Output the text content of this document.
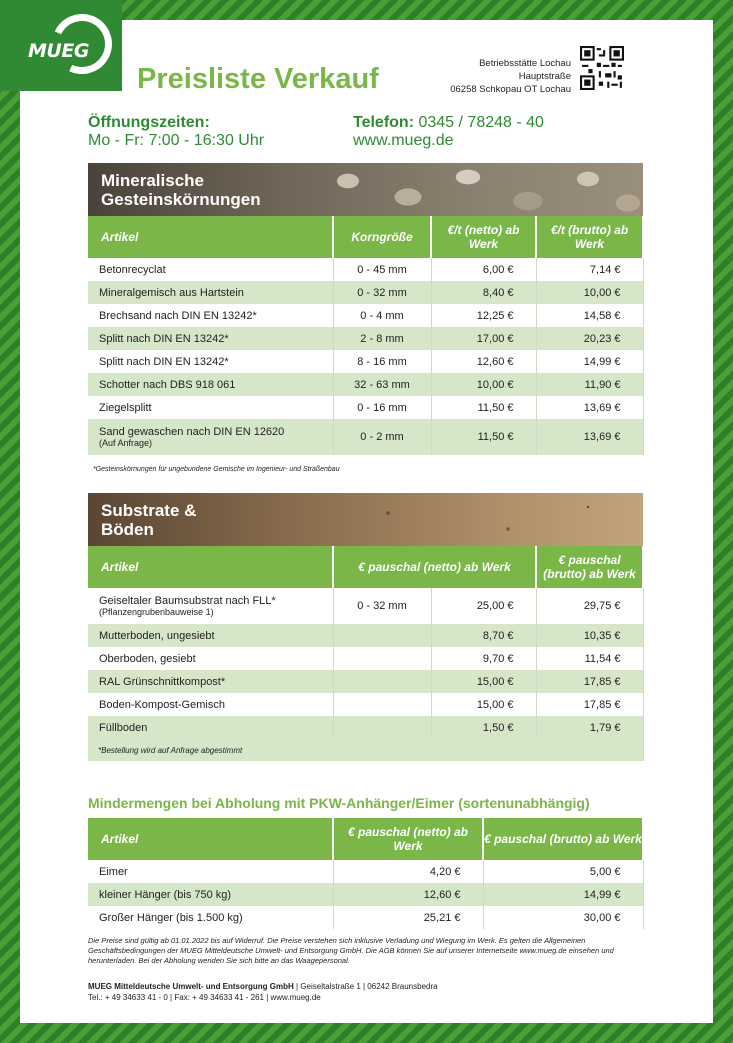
MUEG
Preisliste Verkauf	Betriebsstätte Lochau
Hauptstraße
06258 Schkopau OT Lochau
Öffnungszeiten:
Mo - Fr: 7:00 - 16:30 Uhr
Telefon: 0345 / 78248 - 40
www.mueg.de
Mineralische
Gesteinskörnungen
Artikel	Korngröße	€/t (netto) ab Werk	€/t (brutto) ab Werk
Betonrecyclat	0 - 45 mm	6,00 €	7,14 €
Mineralgemisch aus Hartstein	0 - 32 mm	8,40 €	10,00 €
Brechsand nach DIN EN 13242*	0 - 4 mm	12,25 €	14,58 €
Splitt nach DIN EN 13242*	2 - 8 mm	17,00 €	20,23 €
Splitt nach DIN EN 13242*	8 - 16 mm	12,60 €	14,99 €
Schotter nach DBS 918 061	32 - 63 mm	10,00 €	11,90 €
Ziegelsplitt	0 - 16 mm	11,50 €	13,69 €
Sand gewaschen nach DIN EN 12620
(Auf Anfrage)	0 - 2 mm	11,50 €	13,69 €
*Gesteinskörnungen für ungebundene Gemische im Ingenieur- und Straßenbau
Substrate &
Böden
Artikel	€ pauschal (netto) ab Werk		€ pauschal (brutto) ab Werk
Geiseltaler Baumsubstrat nach FLL*
(Pflanzengrubenbauweise 1)	0 - 32 mm	25,00 €	29,75 €
Mutterboden, ungesiebt		8,70 €	10,35 €
Oberboden, gesiebt		9,70 €	11,54 €
RAL Grünschnittkompost*		15,00 €	17,85 €
Boden-Kompost-Gemisch		15,00 €	17,85 €
Füllboden		1,50 €	1,79 €
*Bestellung wird auf Anfrage abgestimmt			
Mindermengen bei Abholung mit PKW-Anhänger/Eimer (sortenunabhängig)
Artikel	€ pauschal (netto) ab Werk	€ pauschal (brutto) ab Werk
Eimer	4,20 €	5,00 €
kleiner Hänger (bis 750 kg)	12,60 €	14,99 €
Großer Hänger (bis 1.500 kg)	25,21 €	30,00 €
Die Preise sind gültig ab 01.01.2022 bis auf Widerruf. Die Preise verstehen sich inklusive Verladung und Wiegung im Werk. Es gelten die Allgemeinen Geschäftsbedingungen der MUEG Mitteldeutsche Umwelt- und Entsorgung GmbH. Die AGB können Sie auf unserer Internetseite www.mueg.de einsehen und herunterladen. Bei der Abholung wenden Sie sich bitte an das Waagepersonal.
MUEG Mitteldeutsche Umwelt- und Entsorgung GmbH | Geiseltalstraße 1 | 06242 Braunsbedra
Tel.: + 49 34633 41 - 0 | Fax: + 49 34633 41 - 261 | www.mueg.de
